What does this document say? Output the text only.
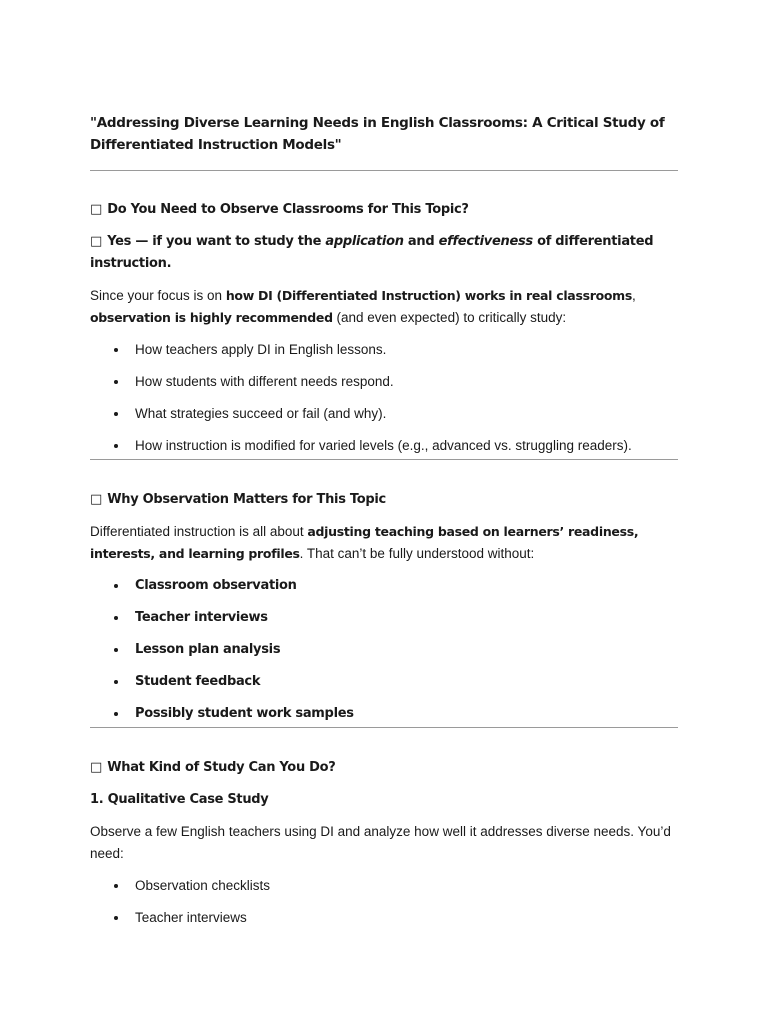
"Addressing Diverse Learning Needs in English Classrooms: A Critical Study of Differentiated Instruction Models"

□ Do You Need to Observe Classrooms for This Topic?

□ Yes — if you want to study the application and effectiveness of differentiated instruction.

Since your focus is on how DI (Differentiated Instruction) works in real classrooms, observation is highly recommended (and even expected) to critically study:

How teachers apply DI in English lessons.
How students with different needs respond.
What strategies succeed or fail (and why).
How instruction is modified for varied levels (e.g., advanced vs. struggling readers).

□ Why Observation Matters for This Topic

Differentiated instruction is all about adjusting teaching based on learners’ readiness, interests, and learning profiles. That can’t be fully understood without:

Classroom observation
Teacher interviews
Lesson plan analysis
Student feedback
Possibly student work samples

□ What Kind of Study Can You Do?

1. Qualitative Case Study

Observe a few English teachers using DI and analyze how well it addresses diverse needs. You’d need:

Observation checklists
Teacher interviews
